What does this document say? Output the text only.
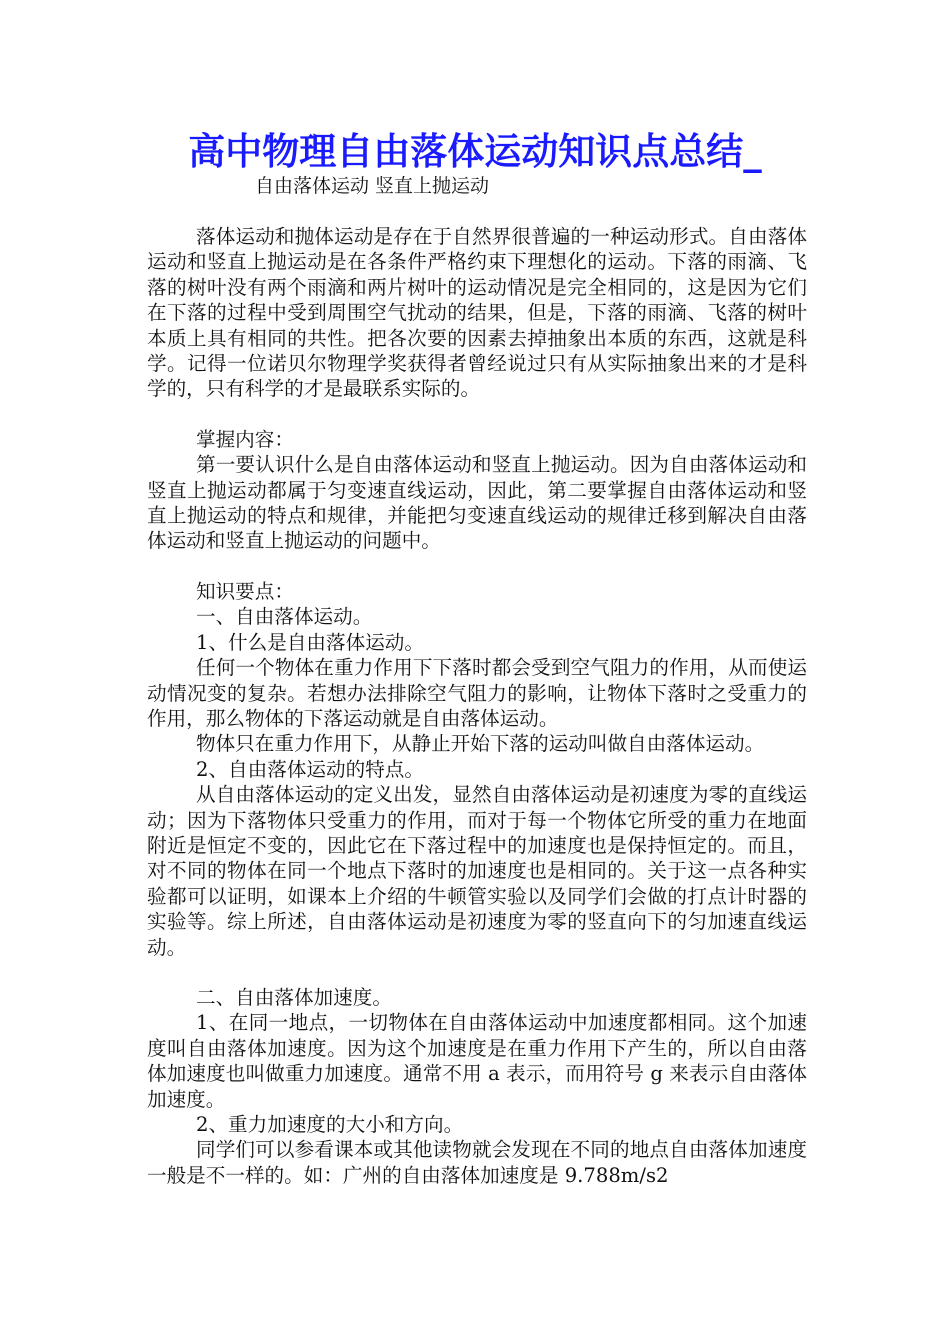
高中物理自由落体运动知识点总结_
自由落体运动 竖直上抛运动

落体运动和抛体运动是存在于自然界很普遍的一种运动形式。自由落体运动和竖直上抛运动是在各条件严格约束下理想化的运动。下落的雨滴、飞落的树叶没有两个雨滴和两片树叶的运动情况是完全相同的，这是因为它们在下落的过程中受到周围空气扰动的结果，但是，下落的雨滴、飞落的树叶本质上具有相同的共性。把各次要的因素去掉抽象出本质的东西，这就是科学。记得一位诺贝尔物理学奖获得者曾经说过只有从实际抽象出来的才是科学的，只有科学的才是最联系实际的。

掌握内容：

第一要认识什么是自由落体运动和竖直上抛运动。因为自由落体运动和竖直上抛运动都属于匀变速直线运动，因此，第二要掌握自由落体运动和竖直上抛运动的特点和规律，并能把匀变速直线运动的规律迁移到解决自由落体运动和竖直上抛运动的问题中。

知识要点：

一、自由落体运动。

1、什么是自由落体运动。

任何一个物体在重力作用下下落时都会受到空气阻力的作用，从而使运动情况变的复杂。若想办法排除空气阻力的影响，让物体下落时之受重力的作用，那么物体的下落运动就是自由落体运动。

物体只在重力作用下，从静止开始下落的运动叫做自由落体运动。

2、自由落体运动的特点。

从自由落体运动的定义出发，显然自由落体运动是初速度为零的直线运动；因为下落物体只受重力的作用，而对于每一个物体它所受的重力在地面附近是恒定不变的，因此它在下落过程中的加速度也是保持恒定的。而且，对不同的物体在同一个地点下落时的加速度也是相同的。关于这一点各种实验都可以证明，如课本上介绍的牛顿管实验以及同学们会做的打点计时器的实验等。综上所述，自由落体运动是初速度为零的竖直向下的匀加速直线运动。

二、自由落体加速度。

1、在同一地点，一切物体在自由落体运动中加速度都相同。这个加速度叫自由落体加速度。因为这个加速度是在重力作用下产生的，所以自由落体加速度也叫做重力加速度。通常不用 a 表示，而用符号 g 来表示自由落体加速度。

2、重力加速度的大小和方向。

同学们可以参看课本或其他读物就会发现在不同的地点自由落体加速度一般是不一样的。如：广州的自由落体加速度是 9.788m/s2
